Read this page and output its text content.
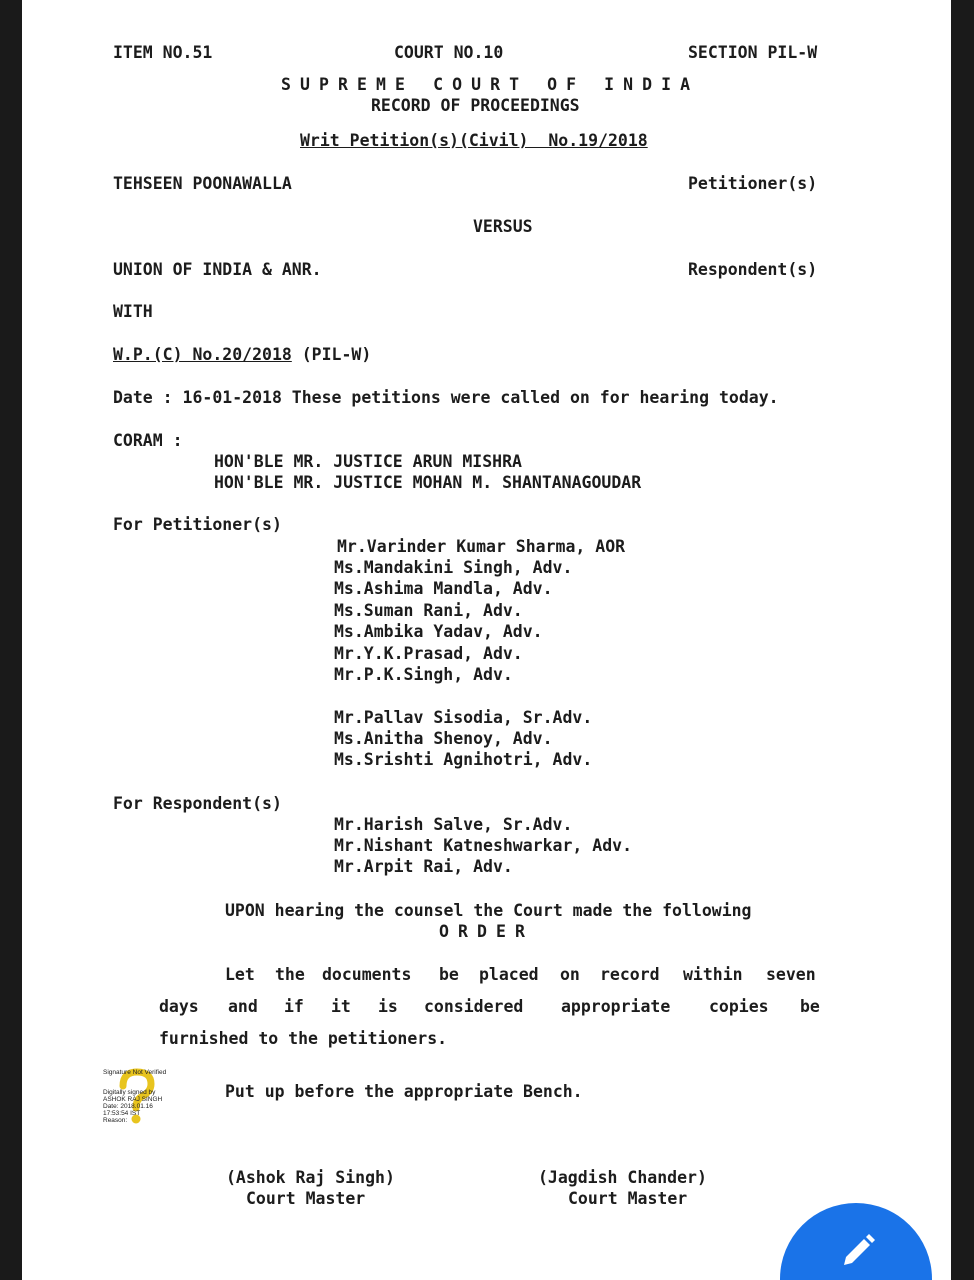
ITEM NO.51	COURT NO.10	SECTION PIL-W
SUPREME COURT OF INDIA
RECORD OF PROCEEDINGS
Writ Petition(s)(Civil)  No.19/2018
TEHSEEN POONAWALLA	Petitioner(s)
VERSUS
UNION OF INDIA & ANR.	Respondent(s)
WITH
W.P.(C) No.20/2018 (PIL-W)
Date : 16-01-2018 These petitions were called on for hearing today.
CORAM :
HON'BLE MR. JUSTICE ARUN MISHRA
HON'BLE MR. JUSTICE MOHAN M. SHANTANAGOUDAR
For Petitioner(s)
Mr.Varinder Kumar Sharma, AOR
Ms.Mandakini Singh, Adv.
Ms.Ashima Mandla, Adv.
Ms.Suman Rani, Adv.
Ms.Ambika Yadav, Adv.
Mr.Y.K.Prasad, Adv.
Mr.P.K.Singh, Adv.
Mr.Pallav Sisodia, Sr.Adv.
Ms.Anitha Shenoy, Adv.
Ms.Srishti Agnihotri, Adv.
For Respondent(s)
Mr.Harish Salve, Sr.Adv.
Mr.Nishant Katneshwarkar, Adv.
Mr.Arpit Rai, Adv.
UPON hearing the counsel the Court made the following
ORDER
Let the documents be placed on record within seven
days and if it is considered appropriate copies be
furnished to the petitioners.
Signature Not Verified
Digitally signed by
ASHOK RAJ SINGH
Date: 2018.01.16
17:53:54 IST
Reason:
Put up before the appropriate Bench.
(Ashok Raj Singh)
Court Master
(Jagdish Chander)
Court Master
